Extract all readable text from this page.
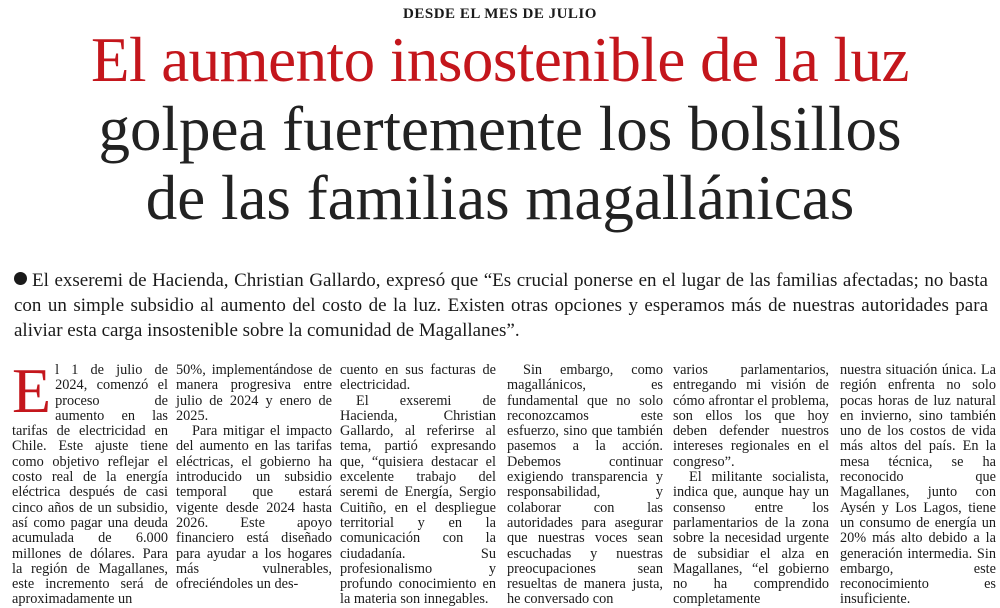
DESDE EL MES DE JULIO
El aumento insostenible de la luz
golpea fuertemente los bolsillos
de las familias magallánicas
El exseremi de Hacienda, Christian Gallardo, expresó que “Es crucial ponerse en el lugar de las familias afectadas; no basta con un simple subsidio al aumento del costo de la luz. Existen otras opciones y esperamos más de nuestras autoridades para aliviar esta carga insostenible sobre la comunidad de Magallanes”.

El 1 de julio de 2024, comenzó el proceso de aumento en las tarifas de electricidad en Chile. Este ajuste tiene como objetivo reflejar el costo real de la energía eléctrica después de casi cinco años de un subsidio, así como pagar una deuda acumulada de 6.000 millones de dólares. Para la región de Magallanes, este incremento será de aproximadamente un

50%, implementándose de manera progresiva entre julio de 2024 y enero de 2025.

Para mitigar el impacto del aumento en las tarifas eléctricas, el gobierno ha introducido un subsidio temporal que estará vigente desde 2024 hasta 2026. Este apoyo financiero está diseñado para ayudar a los hogares más vulnerables, ofreciéndoles un des-

cuento en sus facturas de electricidad.

El exseremi de Hacienda, Christian Gallardo, al referirse al tema, partió expresando que, “quisiera destacar el excelente trabajo del seremi de Energía, Sergio Cuitiño, en el despliegue territorial y en la comunicación con la ciudadanía. Su profesionalismo y profundo conocimiento en la materia son innegables.

Sin embargo, como magallánicos, es fundamental que no solo reconozcamos este esfuerzo, sino que también pasemos a la acción. Debemos continuar exigiendo transparencia y responsabilidad, y colaborar con las autoridades para asegurar que nuestras voces sean escuchadas y nuestras preocupaciones sean resueltas de manera justa, he conversado con

varios parlamentarios, entregando mi visión de cómo afrontar el problema, son ellos los que hoy deben defender nuestros intereses regionales en el congreso”.

El militante socialista, indica que, aunque hay un consenso entre los parlamentarios de la zona sobre la necesidad urgente de subsidiar el alza en Magallanes, “el gobierno no ha comprendido completamente

nuestra situación única. La región enfrenta no solo pocas horas de luz natural en invierno, sino también uno de los costos de vida más altos del país. En la mesa técnica, se ha reconocido que Magallanes, junto con Aysén y Los Lagos, tiene un consumo de energía un 20% más alto debido a la generación intermedia. Sin embargo, este reconocimiento es insuficiente.
